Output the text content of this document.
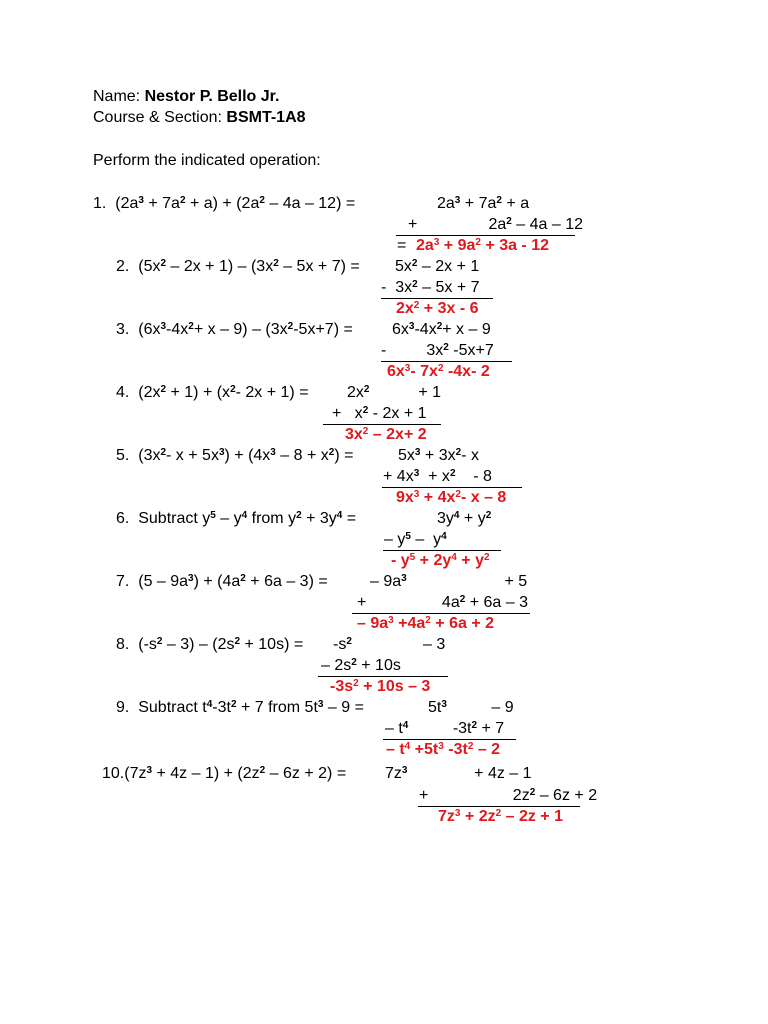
Name: Nestor P. Bello Jr.
Course & Section: BSMT-1A8
Perform the indicated operation:
1. $(2a^3 + 7a^2 + a) + (2a^2 - 4a - 12)$ =	$2a^3 + 7a^2 + a$
+                $2a^2 - 4a - 12$
= $2a^3 + 9a^2 + 3a - 12$
2. $(5x^2 - 2x + 1) - (3x^2 - 5x + 7) = 5x^2 - 2x + 1$
-  $3x^2 - 5x + 7$
$2x^2 + 3x - 6$
3. $(6x^3-4x^2+ x - 9) - (3x^2-5x+7) = 6x^3-4x^2+ x - 9$
-         $3x^2$ -5x+7
$6x^3-$ $7x^2$ -4x- 2
4. $(2x^2 + 1) + (x^2-$ $2x + 1) = 2x^2$           + 1
+   $x^2 - 2x + 1$
$3x^2 - 2x+ 2$
5. ($3x^2-$ $x + 5x^3) + (4x^3 - 8 + x^2)$ =	$5x^3 + 3x^2-$ x
+ $4x^3 + x^2$    - 8
$9x^3 + 4x^2-$ x – 8
6. Subtract $y^5 - y^4$ from $y^2 + 3y^4$ =	$3y^4 + y^2$
– $y^5 - y^4$
- $y^5 + 2y^4 + y^2$
7. $(5 - 9a^3) + (4a^2 + 6a - 3)$ =	– $9a^3$                      + 5
+                 $4a^2 + 6a - 3$
– $9a^3 +4a^2 + 6a + 2$
8. $(-s^2 - 3) - (2s^2 + 10s) = -s^2$                – 3
– $2s^2 + 10s$
$-3s^2 + 10s - 3$
9. Subtract $t^4-3t^2 + 7$ from $5t^3 - 9$ =	$5t^3$          – 9
– $t^4$          $-3t^2 + 7$
– $t^4 +5t^3$ $-3t^2 - 2$
$10.(7z^3 + 4z - 1) + (2z^2 - 6z + 2) = 7z^3$               + 4z – 1
+                   $2z^2 - 6z + 2$
$7z^3 + 2z^2 - 2z + 1$
